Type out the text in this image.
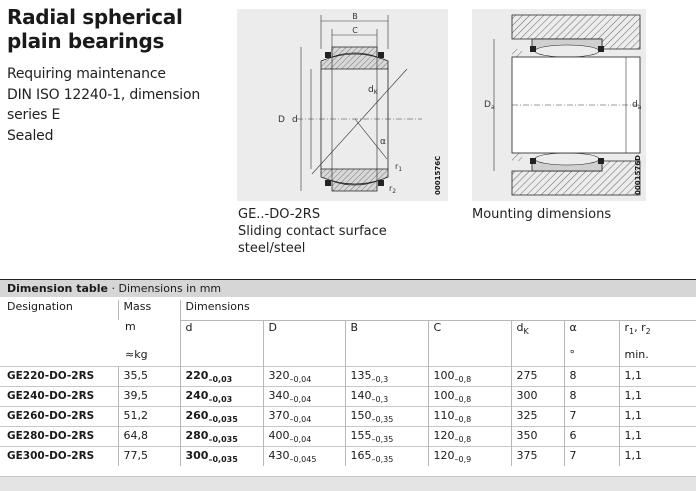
Radial spherical
plain bearings

Requiring maintenance
DIN ISO 12240-1, dimension
series E
Sealed

B
C
$d_K$
α
D d
$r_1$
$r_2$	0001576C
$D_a$	$d_a$
0001576D

GE..-DO-2RS
Sliding contact surface
steel/steel

Mounting dimensions

Dimension table · Dimensions in mm
Designation	Mass	Dimensions						
	m	d	D	B	C	$d_K$	α	$r_1$, $r_2$
	≈kg						°	min.
GE220-DO-2RS	35,5	$220_{-0,03}$	$320_{-0,04}$	$135_{-0,3}$	$100_{-0,8}$	275	8	1,1
GE240-DO-2RS	39,5	$240_{-0,03}$	$340_{-0,04}$	$140_{-0,3}$	$100_{-0,8}$	300	8	1,1
GE260-DO-2RS	51,2	$260_{-0,035}$	$370_{-0,04}$	$150_{-0,35}$	$110_{-0,8}$	325	7	1,1
GE280-DO-2RS	64,8	$280_{-0,035}$	$400_{-0,04}$	$155_{-0,35}$	$120_{-0,8}$	350	6	1,1
GE300-DO-2RS	77,5	$300_{-0,035}$	$430_{-0,045}$	$165_{-0,35}$	$120_{-0,9}$	375	7	1,1
